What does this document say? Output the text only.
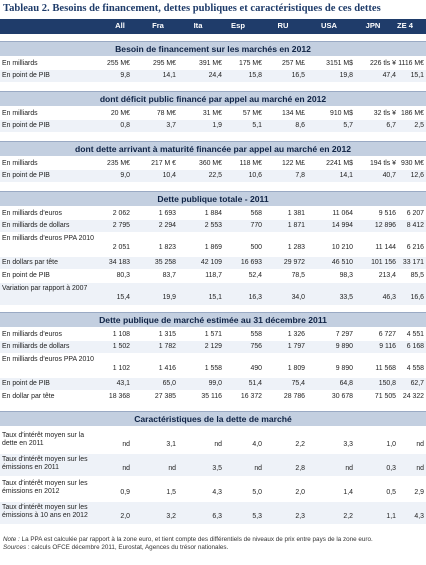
Tableau 2. Besoins de financement, dettes publiques et caractéristiques de ces dettes
All	Fra	Ita	Esp	RU	USA	JPN	ZE 4
Besoin de financement sur les marchés en 2012
En milliards	255 M€	295 M€	391 M€	175 M€	257 M£	3151 M$	226 tls ¥ 1116 M€
En point de PIB	9,8	14,1	24,4	15,8	16,5	19,8	47,4	15,1
dont déficit public financé par appel au marché en 2012
En milliards	20 M€	78 M€	31 M€	57 M€	134 M£	910 M$	32 tls ¥ 186 M€
En point de PIB	0,8	3,7	1,9	5,1	8,6	5,7	6,7	2,5
dont dette arrivant à maturité financée par appel au marché en 2012
En milliards	235 M€	217 M €	360 M€	118 M€	122 M£	2241 M$	194 tls ¥ 930 M€
En point de PIB	9,0	10,4	22,5	10,6	7,8	14,1	40,7	12,6
Dette publique totale - 2011
En milliards d'euros	2 062	1 693	1 884	568	1 381	11 064	9 516	6 207
En milliards de dollars	2 795	2 294	2 553	770	1 871	14 994	12 896	8 412
En milliards d'euros PPA 2010
2 051	1 823	1 869	500	1 283	10 210	11 144	6 216
En dollars par tête	34 183	35 258	42 109	16 693	29 972	46 510	101 156	33 171
En point de PIB	80,3	83,7	118,7	52,4	78,5	98,3	213,4	85,5
Variation par rapport à 2007
15,4	19,9	15,1	16,3	34,0	33,5	46,3	16,6
Dette publique de marché estimée au 31 décembre 2011
En milliards d'euros	1 108	1 315	1 571	558	1 326	7 297	6 727	4 551
En milliards de dollars	1 502	1 782	2 129	756	1 797	9 890	9 116	6 168
En milliards d'euros PPA 2010
1 102	1 416	1 558	490	1 809	9 890	11 568	4 558
En point de PIB	43,1	65,0	99,0	51,4	75,4	64,8	150,8	62,7
En dollar par tête	18 368	27 385	35 116	16 372	28 786	30 678	71 505	24 322
Caractéristiques de la dette de marché
Taux d'intérêt moyen sur la dette en 2011	nd	3,1	nd	4,0	2,2	3,3	1,0	nd
Taux d'intérêt moyen sur les émissions en 2011	nd	nd	3,5	nd	2,8	nd	0,3	nd
Taux d'intérêt moyen sur les émissions en 2012	0,9	1,5	4,3	5,0	2,0	1,4	0,5	2,9
Taux d'intérêt moyen sur les émissions à 10 ans en 2012	2,0	3,2	6,3	5,3	2,3	2,2	1,1	4,3
Note : La PPA est calculée par rapport à la zone euro, et tient compte des différentiels de niveaux de prix entre pays de la zone euro.
Sources : calculs OFCE décembre 2011, Eurostat, Agences du trésor nationales.
